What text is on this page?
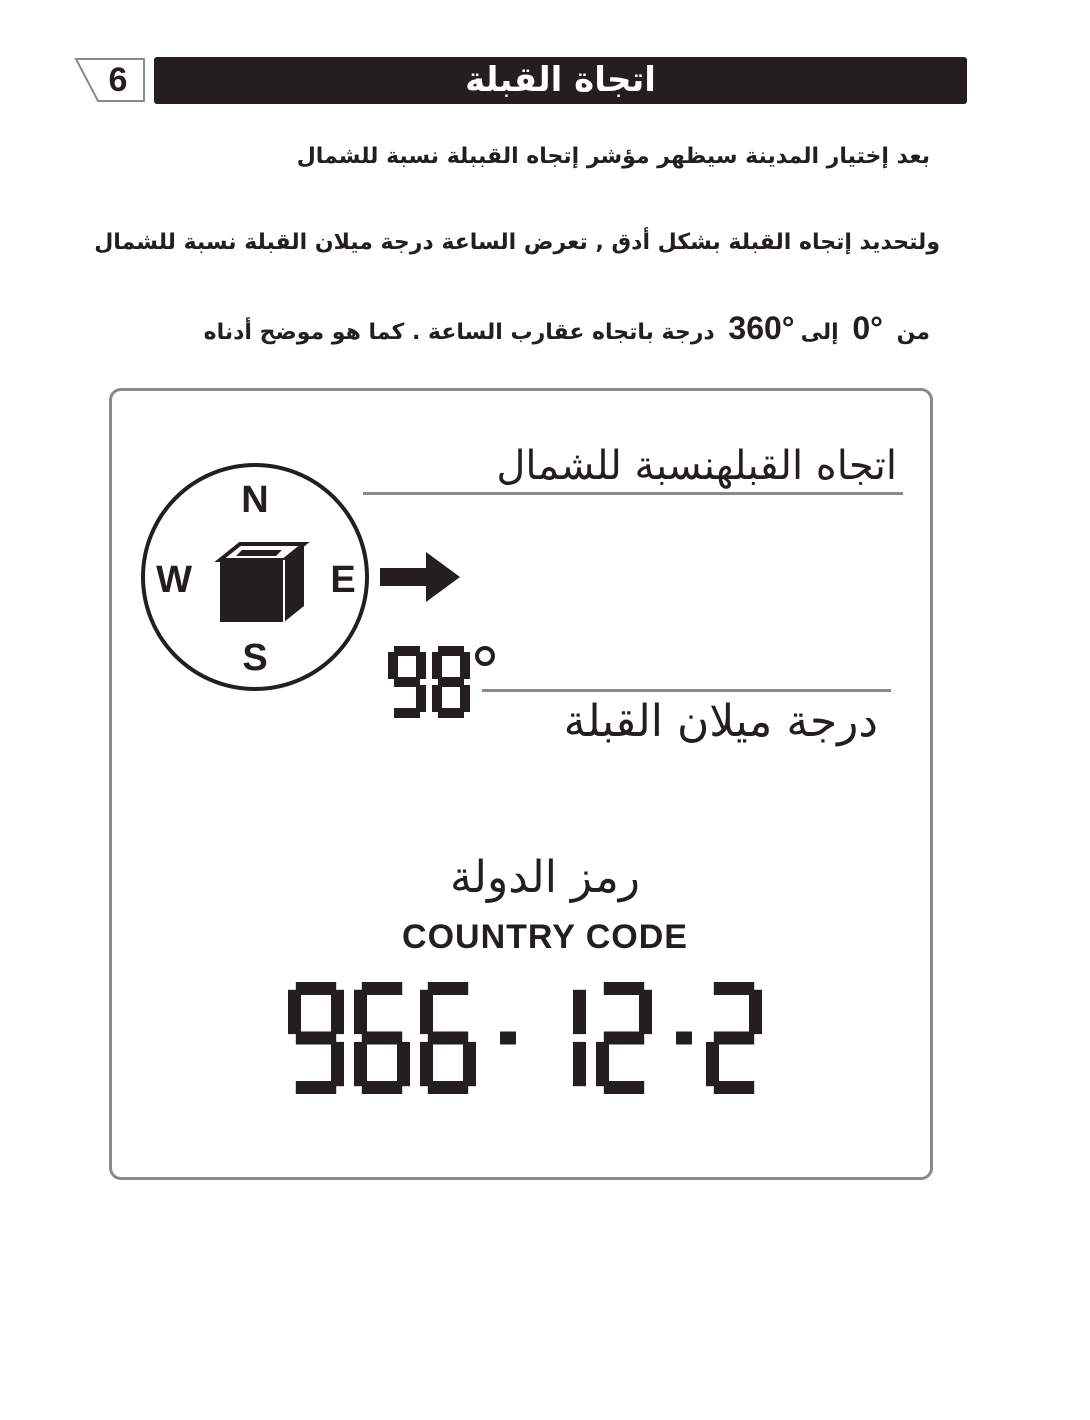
6	اتجاة القبلة
بعد إختيار المدينة سيظهر مؤشر إتجاه القببلة نسبة للشمال
ولتحديد إتجاه القبلة بشكل أدق , تعرض الساعة درجة ميلان القبلة نسبة للشمال
من 0° إلى360° درجة باتجاه عقارب الساعة . كما هو موضح أدناه
N
S
W	E
اتجاه القبلهنسبة للشمال
درجة ميلان القبلة
رمز الدولة
COUNTRY CODE
